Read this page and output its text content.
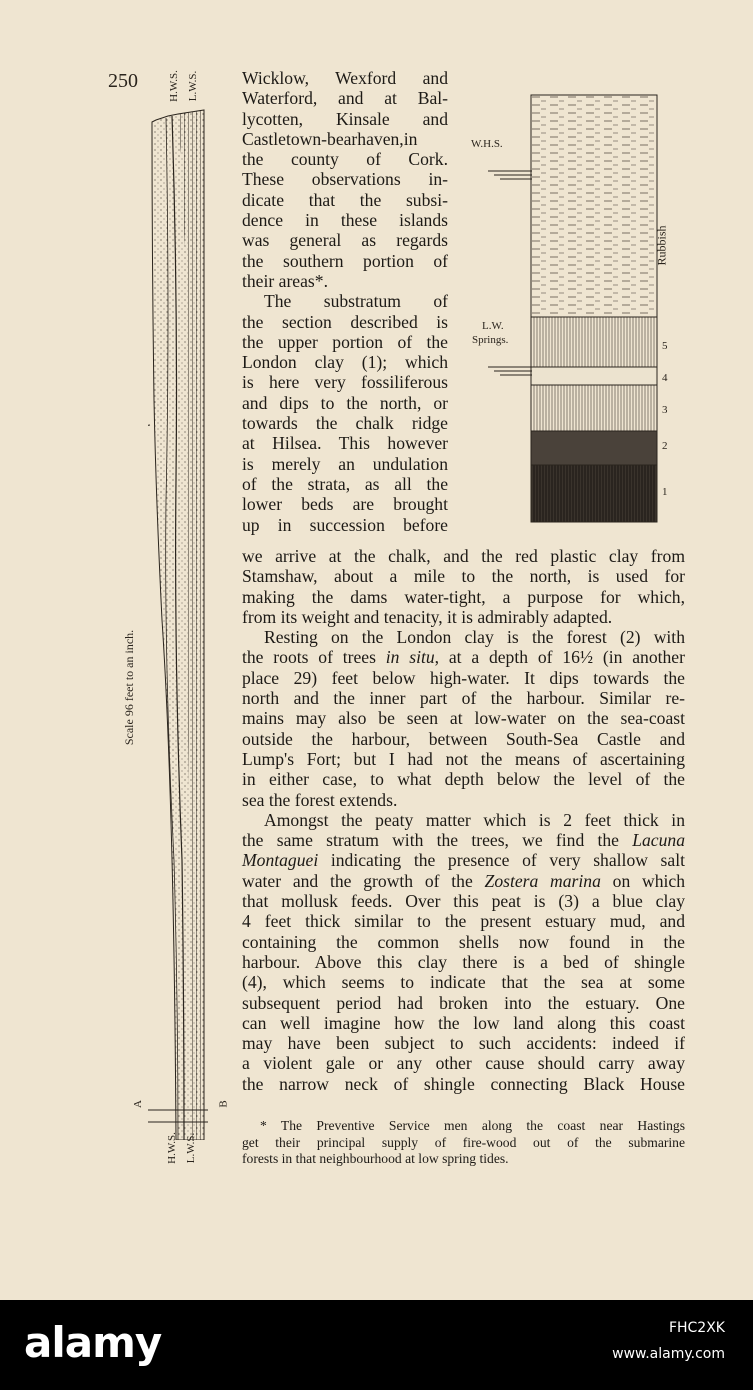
250	H.W.S. L.W.S.
H.W.S. L.W.S.
Scale 96 feet to an inch.
A	B
W.H.S.
L.W.
Springs.
Rubbish
5
4
3
2
1
Wicklow, Wexford and
Waterford, and at Bal-
lycotten, Kinsale and
Castletown-bearhaven,in
the county of Cork.
These observations in-
dicate that the subsi-
dence in these islands
was general as regards
the southern portion of
their areas*.
The substratum of
the section described is
the upper portion of the
London clay (1); which
is here very fossiliferous
and dips to the north, or
towards the chalk ridge
at Hilsea. This however
is merely an undulation
of the strata, as all the
lower beds are brought
up in succession before
we arrive at the chalk, and the red plastic clay from
Stamshaw, about a mile to the north, is used for
making the dams water-tight, a purpose for which,
from its weight and tenacity, it is admirably adapted.
Resting on the London clay is the forest (2) with
the roots of trees in situ, at a depth of 16½ (in another
place 29) feet below high-water. It dips towards the
north and the inner part of the harbour. Similar re-
mains may also be seen at low-water on the sea-coast
outside the harbour, between South-Sea Castle and
Lump's Fort; but I had not the means of ascertaining
in either case, to what depth below the level of the
sea the forest extends.
Amongst the peaty matter which is 2 feet thick in
the same stratum with the trees, we find the Lacuna
Montaguei indicating the presence of very shallow salt
water and the growth of the Zostera marina on which
that mollusk feeds. Over this peat is (3) a blue clay
4 feet thick similar to the present estuary mud, and
containing the common shells now found in the
harbour. Above this clay there is a bed of shingle
(4), which seems to indicate that the sea at some
subsequent period had broken into the estuary. One
can well imagine how the low land along this coast
may have been subject to such accidents: indeed if
a violent gale or any other cause should carry away
the narrow neck of shingle connecting Black House
* The Preventive Service men along the coast near Hastings
get their principal supply of fire-wood out of the submarine
forests in that neighbourhood at low spring tides.
alamy	FHC2XK
www.alamy.com
